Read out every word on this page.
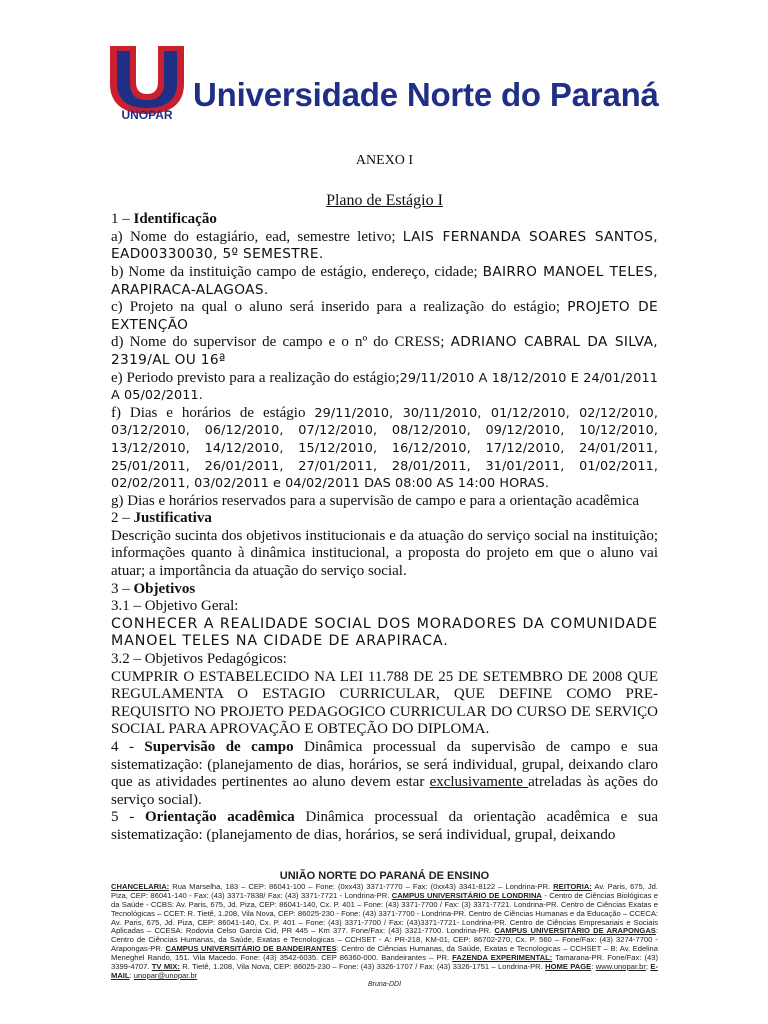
UNOPAR
Universidade Norte do Paraná
ANEXO I
Plano de Estágio I

1 – Identificação

a) Nome do estagiário, ead, semestre letivo; LAIS FERNANDA SOARES SANTOS, EAD00330030, 5º SEMESTRE.

b) Nome da instituição campo de estágio, endereço, cidade; BAIRRO MANOEL TELES, ARAPIRACA-ALAGOAS.

c) Projeto na qual o aluno será inserido para a realização do estágio; PROJETO DE EXTENÇÃO

d) Nome do supervisor de campo e o nº do CRESS; ADRIANO CABRAL DA SILVA, 2319/AL OU 16ª

e) Periodo previsto para a realização do estágio;29/11/2010 A 18/12/2010 E 24/01/2011 A 05/02/2011.

f) Dias e horários de estágio 29/11/2010, 30/11/2010, 01/12/2010, 02/12/2010, 03/12/2010, 06/12/2010, 07/12/2010, 08/12/2010, 09/12/2010, 10/12/2010, 13/12/2010, 14/12/2010, 15/12/2010, 16/12/2010, 17/12/2010, 24/01/2011, 25/01/2011, 26/01/2011, 27/01/2011, 28/01/2011, 31/01/2011, 01/02/2011, 02/02/2011, 03/02/2011 e 04/02/2011 DAS 08:00 AS 14:00 HORAS.

g) Dias e horários reservados para a supervisão de campo e para a orientação acadêmica

2 – Justificativa

Descrição sucinta dos objetivos institucionais e da atuação do serviço social na instituição; informações quanto à dinâmica institucional, a proposta do projeto em que o aluno vai atuar; a importância da atuação do serviço social.

3 – Objetivos

3.1 – Objetivo Geral:

CONHECER A REALIDADE SOCIAL DOS MORADORES DA COMUNIDADE MANOEL TELES NA CIDADE DE ARAPIRACA.

3.2 – Objetivos Pedagógicos:

CUMPRIR O ESTABELECIDO NA LEI 11.788 DE 25 DE SETEMBRO DE 2008 QUE REGULAMENTA O ESTAGIO CURRICULAR, QUE DEFINE COMO PRE-REQUISITO NO PROJETO PEDAGOGICO CURRICULAR DO CURSO DE SERVIÇO SOCIAL PARA APROVAÇÃO E OBTEÇÃO DO DIPLOMA.

4 - Supervisão de campo Dinâmica processual da supervisão de campo e sua sistematização: (planejamento de dias, horários, se será individual, grupal, deixando claro que as atividades pertinentes ao aluno devem estar exclusivamente atreladas às ações do serviço social).

5 - Orientação acadêmica Dinâmica processual da orientação acadêmica e sua sistematização: (planejamento de dias, horários, se será individual, grupal, deixando

UNIÃO NORTE DO PARANÁ DE ENSINO
CHANCELARIA: Rua Marselha, 183 – CEP: 86041-100 – Fone: (0xx43) 3371-7770 – Fax: (0xx43) 3341-8122 – Londrina-PR. REITORIA: Av. Paris, 675, Jd. Piza, CEP: 86041-140 - Fax: (43) 3371-7838/ Fax: (43) 3371-7721 - Londrina-PR. CAMPUS UNIVERSITÁRIO DE LONDRINA - Centro de Ciências Biológicas e da Saúde - CCBS: Av. Paris, 675, Jd. Piza, CEP: 86041-140, Cx. P. 401 – Fone: (43) 3371-7700 / Fax: (3) 3371-7721. Londrina-PR. Centro de Ciências Exatas e Tecnológicas – CCET: R. Tietê, 1.208, Vila Nova, CEP: 86025-230 - Fone: (43) 3371-7700 - Londrina-PR. Centro de Ciências Humanas e da Educação – CCECA: Av. Paris, 675, Jd. Piza, CEP: 86041-140, Cx. P. 401 – Fone: (43) 3371-7700 / Fax: (43)3371-7721- Londrina-PR. Centro de Ciências Empresariais e Sociais Aplicadas – CCESA: Rodovia Celso Garcia Cid, PR 445 – Km 377. Fone/Fax: (43) 3321-7700. Londrina-PR. CAMPUS UNIVERSITÁRIO DE ARAPONGAS: Centro de Ciências Humanas, da Saúde, Exatas e Tecnologicas – CCHSET - A: PR-218, KM-01, CEP: 86702-270, Cx. P. 560 – Fone/Fax: (43) 3274-7700 - Arapongas-PR. CAMPUS UNIVERSITÁRIO DE BANDEIRANTES: Centro de Ciências Humanas, da Saúde, Exatas e Tecnologicas – CCHSET – B: Av. Edelina Meneghel Rando, 151. Vila Macedo. Fone: (43) 3542-6035. CEP 86360-000. Bandeirantes – PR. FAZENDA EXPERIMENTAL: Tamarana-PR. Fone/Fax: (43) 3399-4707. TV MIX: R. Tietê, 1.208, Vila Nova, CEP: 86025-230 – Fone: (43) 3326-1707 / Fax: (43) 3326-1751 – Londrina-PR. HOME PAGE: www.unopar.br; E-MAIL: unopar@unopar.br
Bruna-DDI
